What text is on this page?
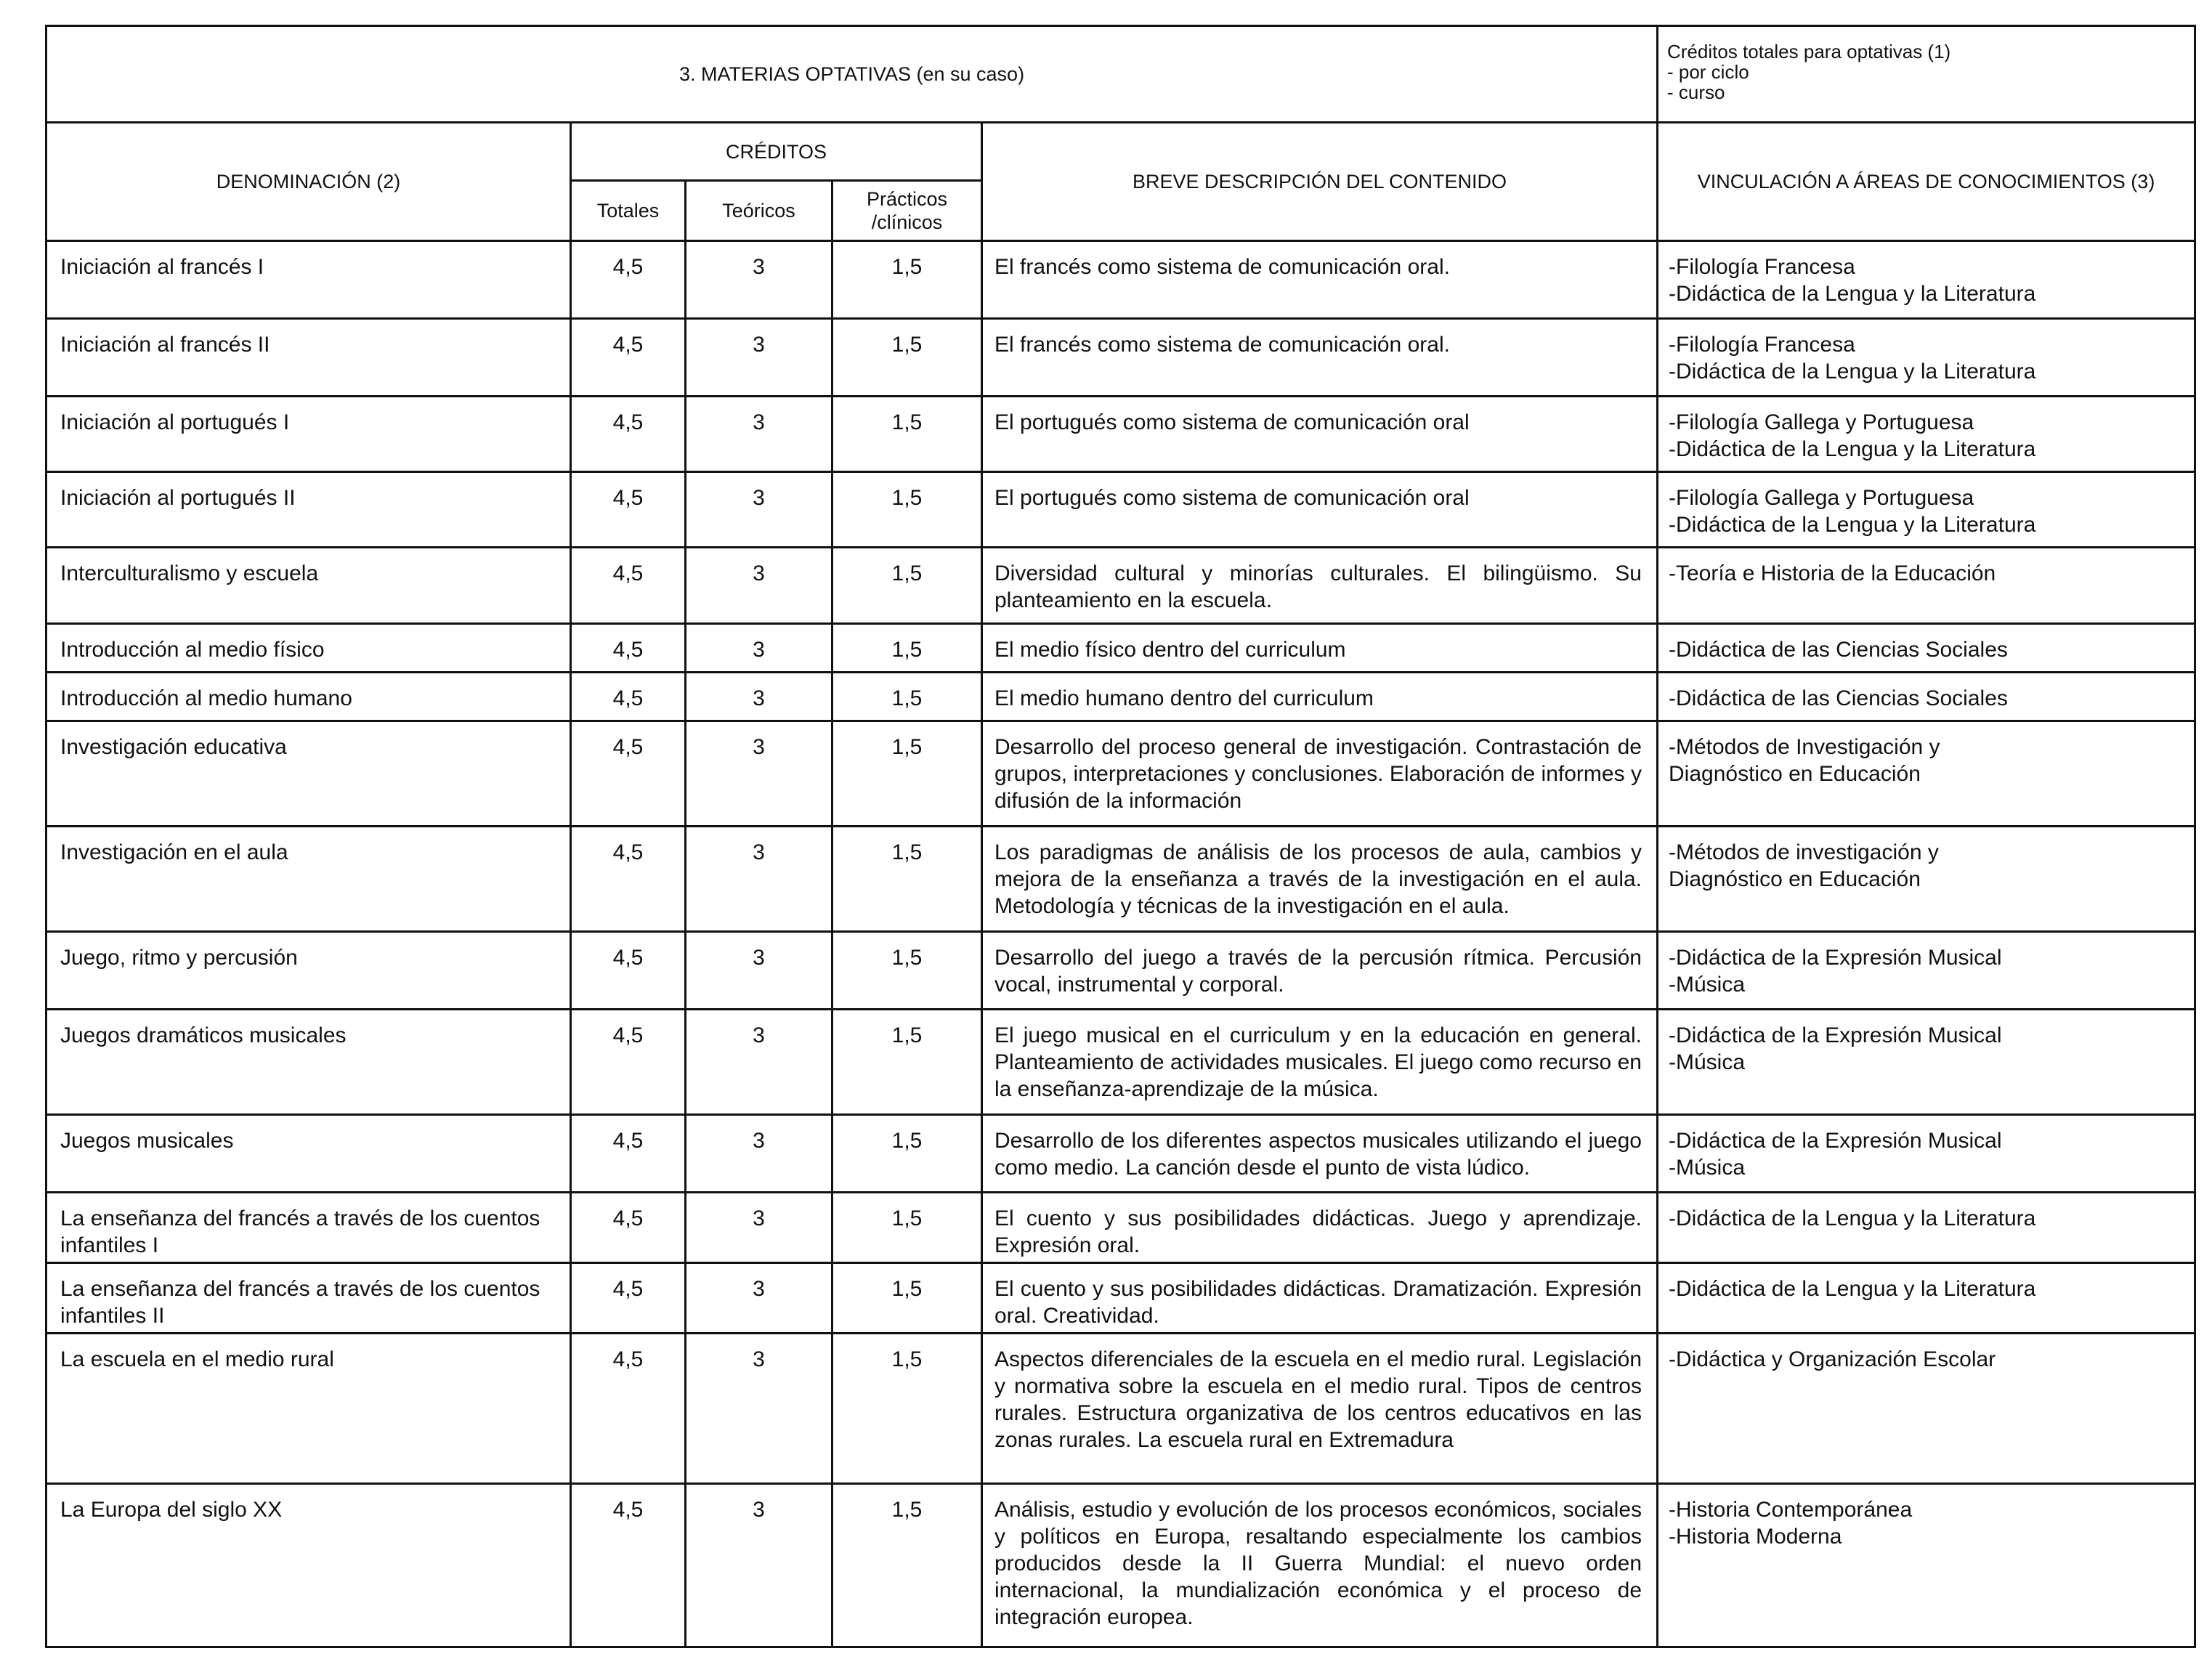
3. MATERIAS OPTATIVAS (en su caso)					Créditos totales para optativas (1)
- por ciclo
- curso

DENOMINACIÓN (2)	CRÉDITOS			BREVE DESCRIPCIÓN DEL CONTENIDO	VINCULACIÓN A ÁREAS DE CONOCIMIENTOS (3)
	Totales	Teóricos	Prácticos
/clínicos		

Iniciación al francés I	4,5	3	1,5	El francés como sistema de comunicación oral.	-Filología Francesa
-Didáctica de la Lengua y la Literatura

Iniciación al francés II	4,5	3	1,5	El francés como sistema de comunicación oral.	-Filología Francesa
-Didáctica de la Lengua y la Literatura

Iniciación al portugués I	4,5	3	1,5	El portugués como sistema de comunicación oral	-Filología Gallega y Portuguesa
-Didáctica de la Lengua y la Literatura

Iniciación al portugués II	4,5	3	1,5	El portugués como sistema de comunicación oral	-Filología Gallega y Portuguesa
-Didáctica de la Lengua y la Literatura

Interculturalismo y escuela	4,5	3	1,5	Diversidad cultural y minorías culturales. El bilingüismo. Su planteamiento en la escuela.	-Teoría e Historia de la Educación

Introducción al medio físico	4,5	3	1,5	El medio físico dentro del curriculum	-Didáctica de las Ciencias Sociales

Introducción al medio humano	4,5	3	1,5	El medio humano dentro del curriculum	-Didáctica de las Ciencias Sociales

Investigación educativa	4,5	3	1,5	Desarrollo del proceso general de investigación. Contrastación de grupos, interpretaciones y conclusiones. Elaboración de informes y difusión de la información	-Métodos de Investigación y
Diagnóstico en Educación

Investigación en el aula	4,5	3	1,5	Los paradigmas de análisis de los procesos de aula, cambios y mejora de la enseñanza a través de la investigación en el aula. Metodología y técnicas de la investigación en el aula.	-Métodos de investigación y
Diagnóstico en Educación

Juego, ritmo y percusión	4,5	3	1,5	Desarrollo del juego a través de la percusión rítmica. Percusión vocal, instrumental y corporal.	-Didáctica de la Expresión Musical
-Música

Juegos dramáticos musicales	4,5	3	1,5	El juego musical en el curriculum y en la educación en general. Planteamiento de actividades musicales. El juego como recurso en la enseñanza-aprendizaje de la música.	-Didáctica de la Expresión Musical
-Música

Juegos musicales	4,5	3	1,5	Desarrollo de los diferentes aspectos musicales utilizando el juego como medio. La canción desde el punto de vista lúdico.	-Didáctica de la Expresión Musical
-Música

La enseñanza del francés a través de los cuentos infantiles I	4,5	3	1,5	El cuento y sus posibilidades didácticas. Juego y aprendizaje. Expresión oral.	-Didáctica de la Lengua y la Literatura

La enseñanza del francés a través de los cuentos infantiles II	4,5	3	1,5	El cuento y sus posibilidades didácticas. Dramatización. Expresión oral. Creatividad.	-Didáctica de la Lengua y la Literatura

La escuela en el medio rural	4,5	3	1,5	Aspectos diferenciales de la escuela en el medio rural. Legislación y normativa sobre la escuela en el medio rural. Tipos de centros rurales. Estructura organizativa de los centros educativos en las zonas rurales. La escuela rural en Extremadura	-Didáctica y Organización Escolar

La Europa del siglo XX	4,5	3	1,5	Análisis, estudio y evolución de los procesos económicos, sociales y políticos en Europa, resaltando especialmente los cambios producidos desde la II Guerra Mundial: el nuevo orden internacional, la mundialización económica y el proceso de integración europea.	-Historia Contemporánea
-Historia Moderna
